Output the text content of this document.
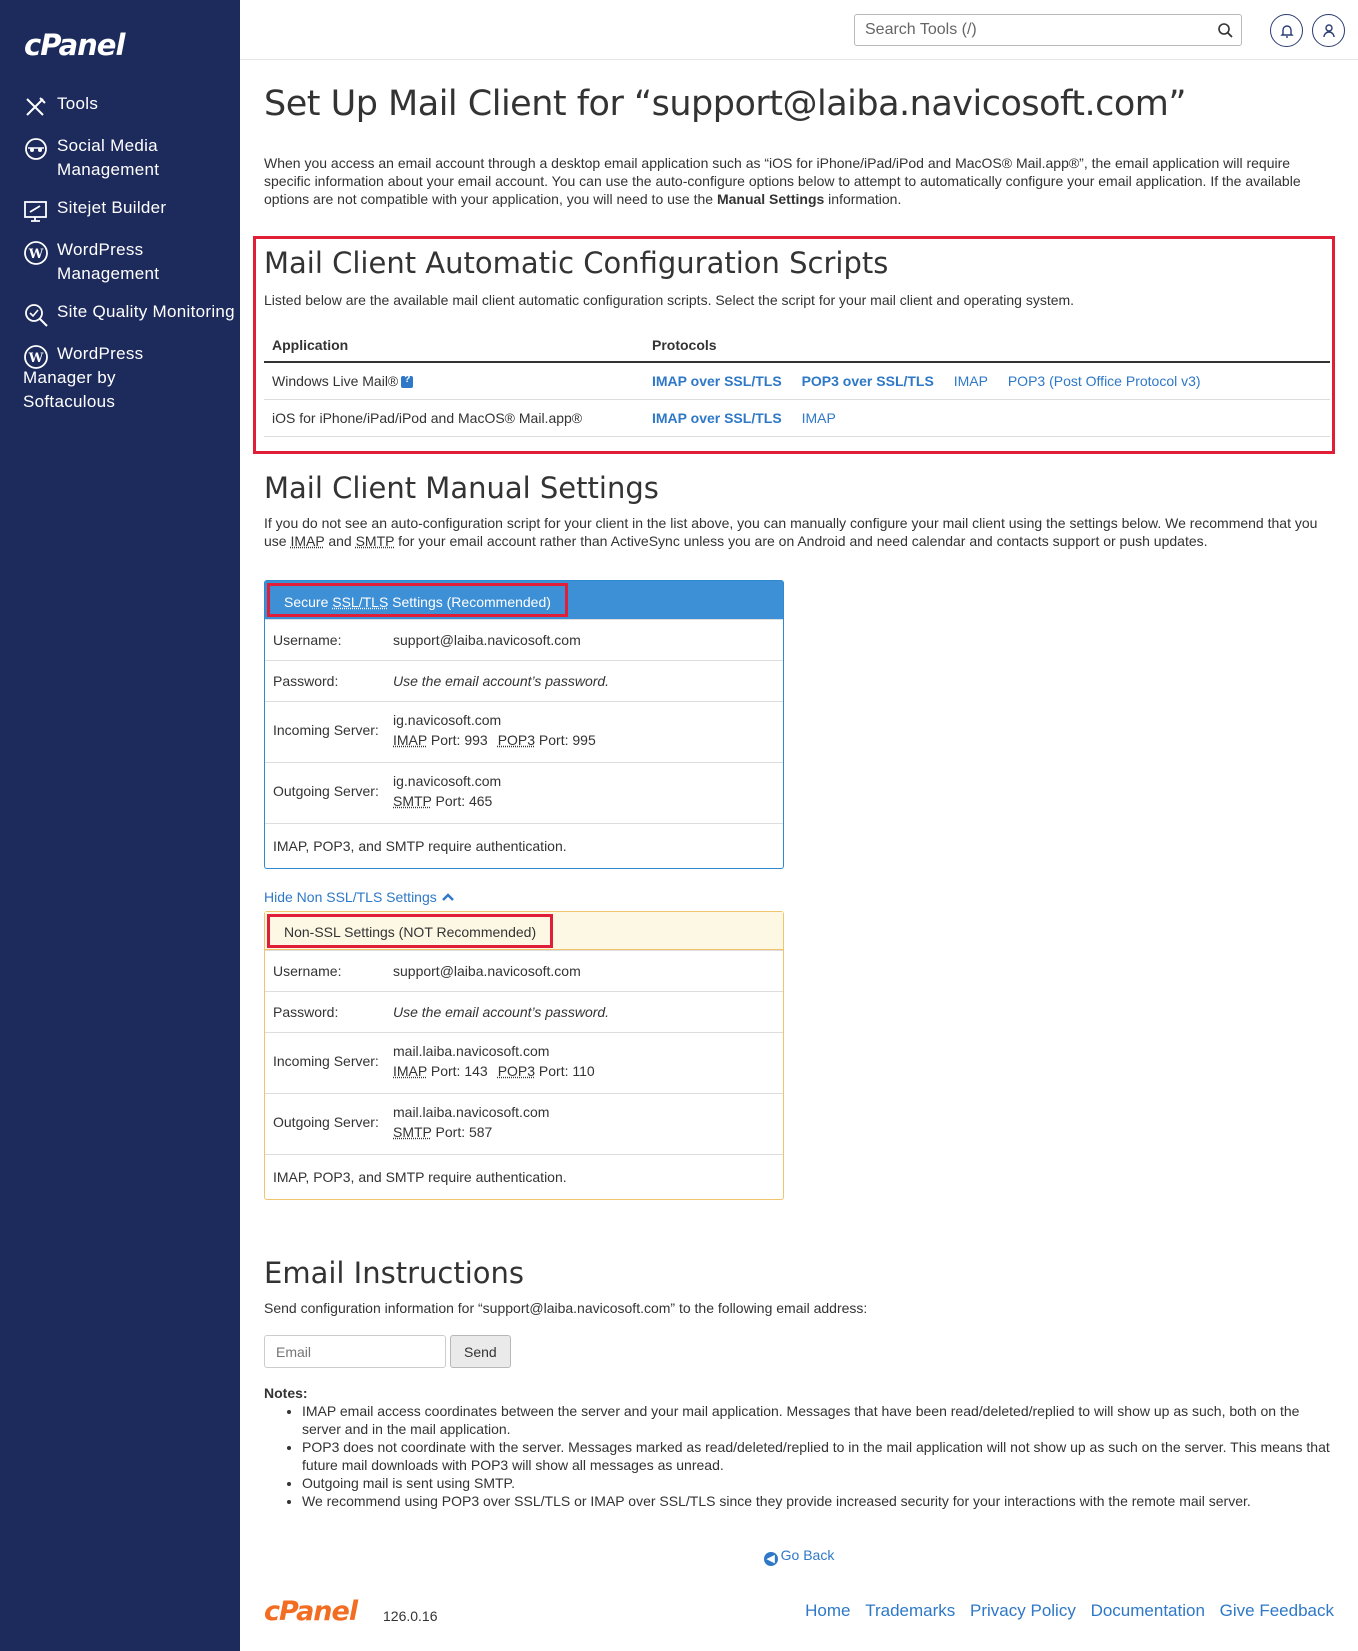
cPanel
Tools
Social Media Management
Sitejet Builder
W WordPress Management
Site Quality Monitoring
W WordPress Manager by Softaculous
Search Tools (/)
Set Up Mail Client for “support@laiba.navicosoft.com”

When you access an email account through a desktop email application such as “iOS for iPhone/iPad/iPod and MacOS® Mail.app®”, the email application will require specific information about your email account. You can use the auto-configure options below to attempt to automatically configure your email application. If the available options are not compatible with your application, you will need to use the Manual Settings information.

Mail Client Automatic Configuration Scripts

Listed below are the available mail client automatic configuration scripts. Select the script for your mail client and operating system.

Application	Protocols
Windows Live Mail®?	IMAP over SSL/TLS POP3 over SSL/TLS IMAP POP3 (Post Office Protocol v3)
iOS for iPhone/iPad/iPod and MacOS® Mail.app®	IMAP over SSL/TLS IMAP
Mail Client Manual Settings

If you do not see an auto-configuration script for your client in the list above, you can manually configure your mail client using the settings below. We recommend that you use IMAP and SMTP for your email account rather than ActiveSync unless you are on Android and need calendar and contacts support or push updates.

Secure SSL/TLS Settings (Recommended)
Username:	support@laiba.navicosoft.com
Password:	Use the email account’s password.
Incoming Server:
ig.navicosoft.com
IMAP Port: 993 POP3 Port: 995
Outgoing Server:
ig.navicosoft.com
SMTP Port: 465
IMAP, POP3, and SMTP require authentication.
Hide Non SSL/TLS Settings
Non-SSL Settings (NOT Recommended)
Username:	support@laiba.navicosoft.com
Password:	Use the email account’s password.
Incoming Server:
mail.laiba.navicosoft.com
IMAP Port: 143 POP3 Port: 110
Outgoing Server:
mail.laiba.navicosoft.com
SMTP Port: 587
IMAP, POP3, and SMTP require authentication.
Email Instructions

Send configuration information for “support@laiba.navicosoft.com” to the following email address:

Email
Send
Notes:
• IMAP email access coordinates between the server and your mail application. Messages that have been read/deleted/replied to will show up as such, both on the server and in the mail application.
• POP3 does not coordinate with the server. Messages marked as read/deleted/replied to in the mail application will not show up as such on the server. This means that future mail downloads with POP3 will show all messages as unread.
• Outgoing mail is sent using SMTP.
• We recommend using POP3 over SSL/TLS or IMAP over SSL/TLS since they provide increased security for your interactions with the remote mail server.
◀ Go Back
cPanel 126.0.16	Home Trademarks Privacy Policy Documentation Give Feedback
